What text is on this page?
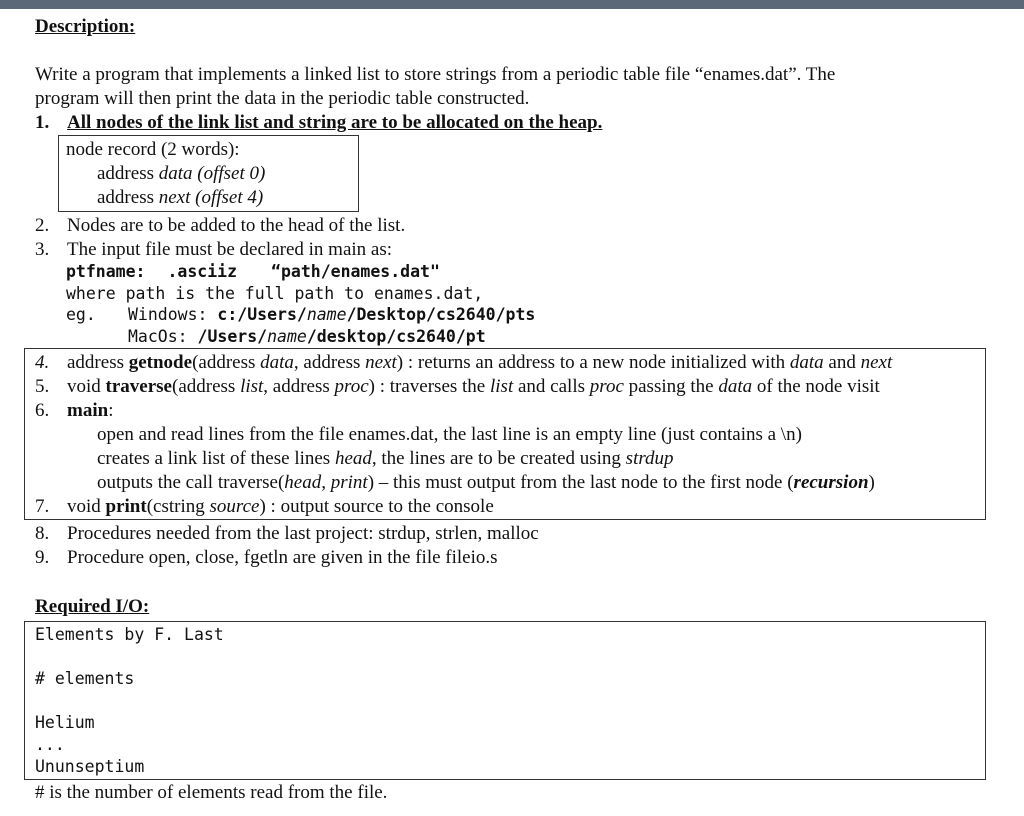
Description:
Write a program that implements a linked list to store strings from a periodic table file “enames.dat”. The
program will then print the data in the periodic table constructed.
1. All nodes of the link list and string are to be allocated on the heap.
node record (2 words):
address data (offset 0)
address next (offset 4)
2. Nodes are to be added to the head of the list.
3. The input file must be declared in main as:
ptfname: .asciiz “path/enames.dat"
where path is the full path to enames.dat,
eg. Windows: c:/Users/name/Desktop/cs2640/pts
MacOs: /Users/name/desktop/cs2640/pt
4. address getnode(address data, address next) : returns an address to a new node initialized with data and next
5. void traverse(address list, address proc) : traverses the list and calls proc passing the data of the node visit
6. main:
open and read lines from the file enames.dat, the last line is an empty line (just contains a \n)
creates a link list of these lines head, the lines are to be created using strdup
outputs the call traverse(head, print) – this must output from the last node to the first node (recursion)
7. void print(cstring source) : output source to the console
8. Procedures needed from the last project: strdup, strlen, malloc
9. Procedure open, close, fgetln are given in the file fileio.s
Required I/O:
Elements by F. Last
# elements
Helium
...
Ununseptium
# is the number of elements read from the file.
